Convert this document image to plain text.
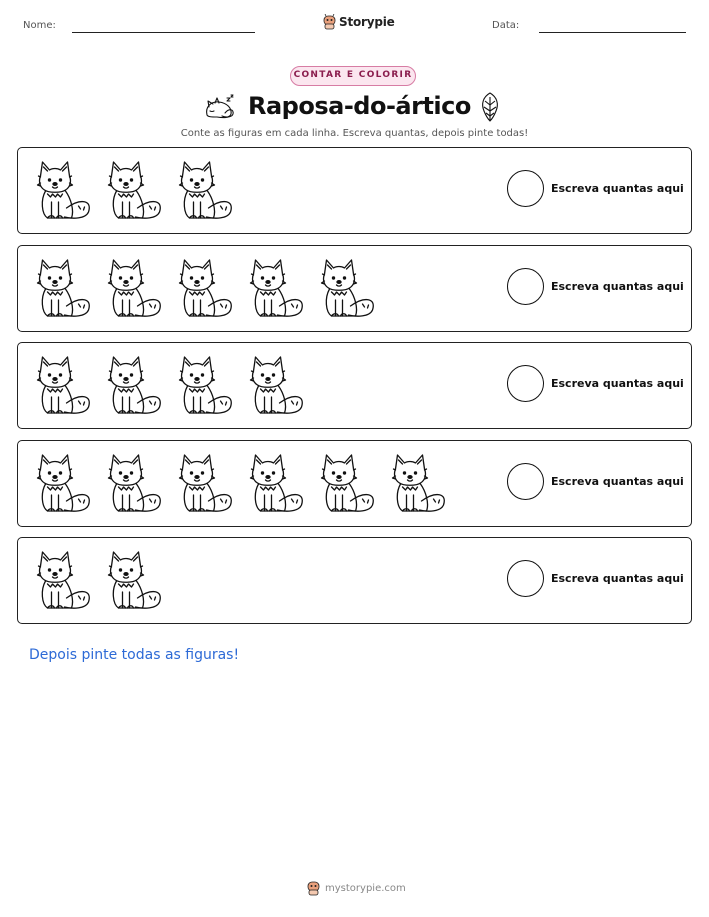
Nome:	Storypie	Data:
CONTAR E COLORIR
Raposa-do-ártico
Conte as figuras em cada linha. Escreva quantas, depois pinte todas!
Escreva quantas aqui
Escreva quantas aqui
Escreva quantas aqui
Escreva quantas aqui
Escreva quantas aqui
Depois pinte todas as figuras!
mystorypie.com
